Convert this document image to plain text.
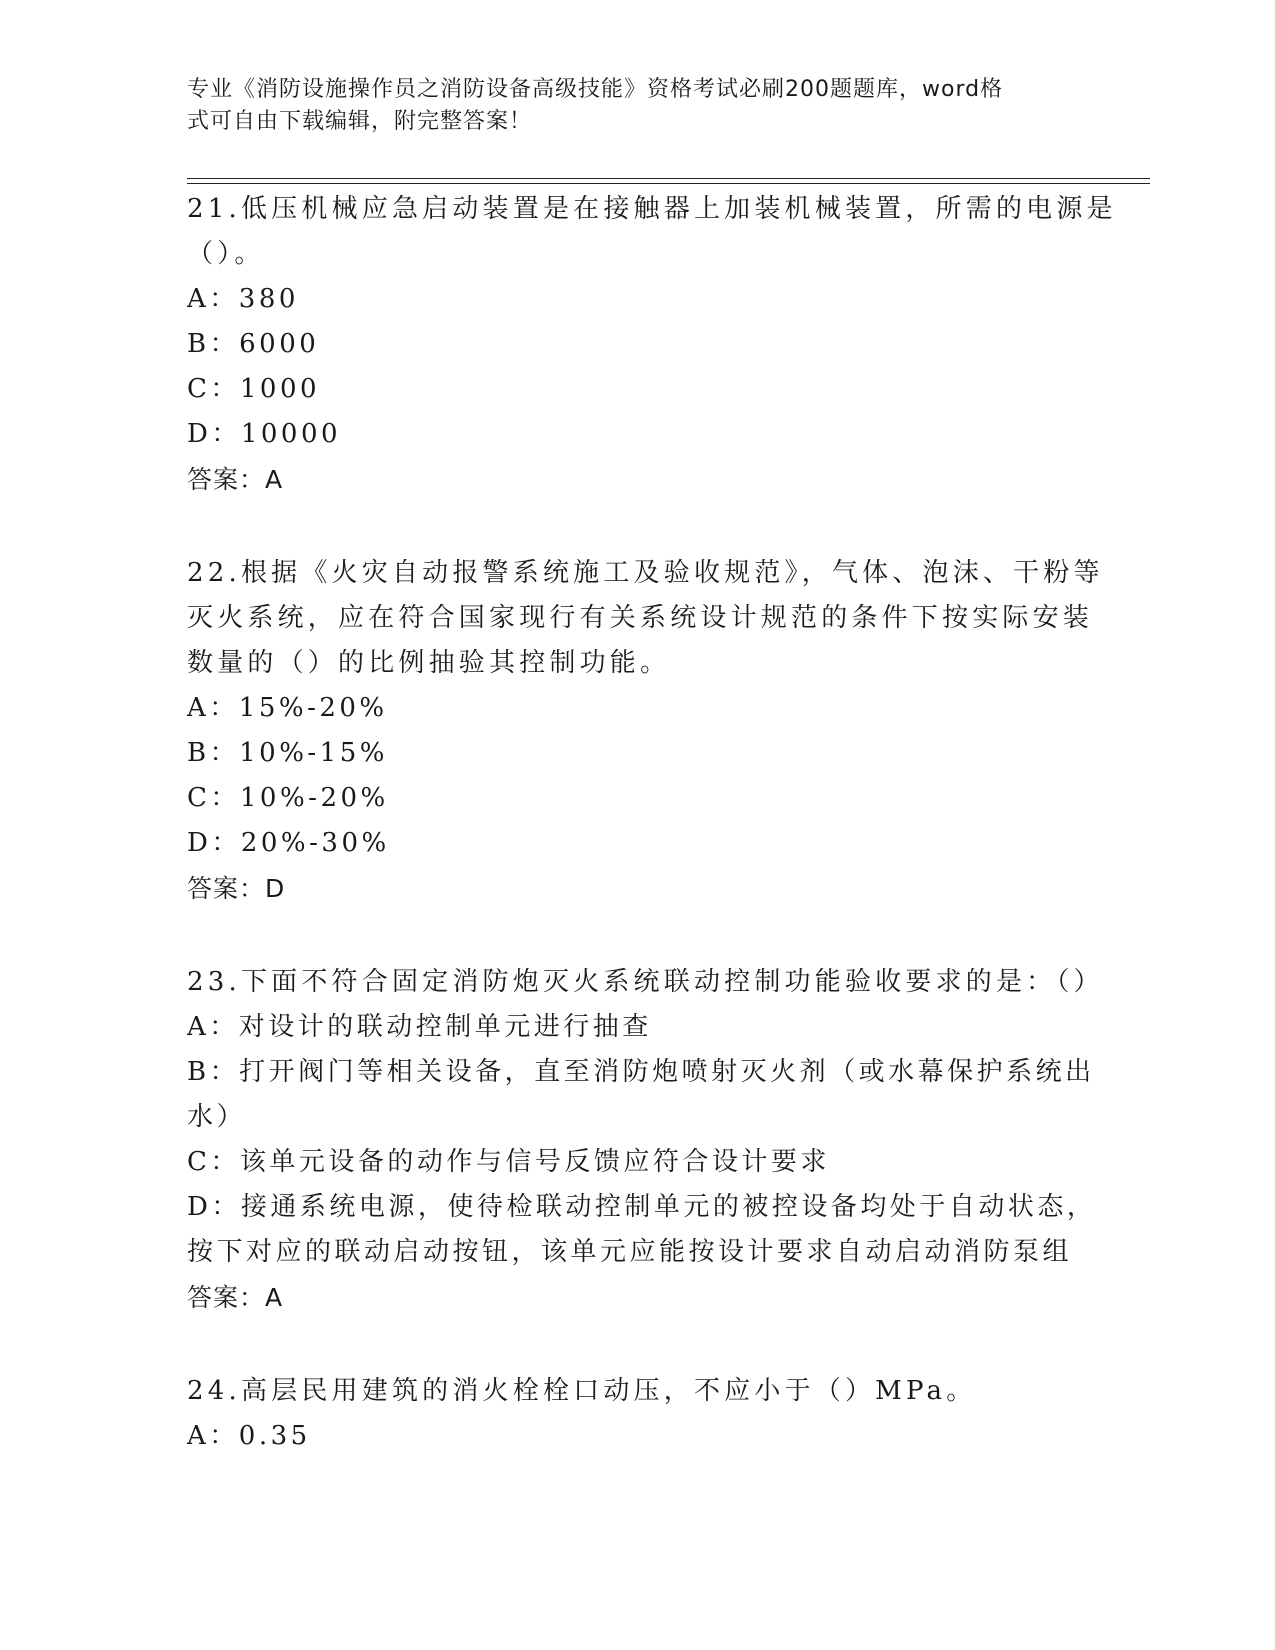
专业《消防设施操作员之消防设备高级技能》资格考试必刷200题题库，word格
式可自由下载编辑，附完整答案！

21.低压机械应急启动装置是在接触器上加装机械装置，所需的电源是

（）。

A：380

B：6000

C：1000

D：10000

答案：A

22.根据《火灾自动报警系统施工及验收规范》，气体、泡沫、干粉等

灭火系统，应在符合国家现行有关系统设计规范的条件下按实际安装

数量的（）的比例抽验其控制功能。

A：15%-20%

B：10%-15%

C：10%-20%

D：20%-30%

答案：D

23.下面不符合固定消防炮灭火系统联动控制功能验收要求的是：（）

A：对设计的联动控制单元进行抽查

B：打开阀门等相关设备，直至消防炮喷射灭火剂（或水幕保护系统出

水）

C：该单元设备的动作与信号反馈应符合设计要求

D：接通系统电源，使待检联动控制单元的被控设备均处于自动状态，

按下对应的联动启动按钮，该单元应能按设计要求自动启动消防泵组

答案：A

24.高层民用建筑的消火栓栓口动压，不应小于（）MPa。

A：0.35
